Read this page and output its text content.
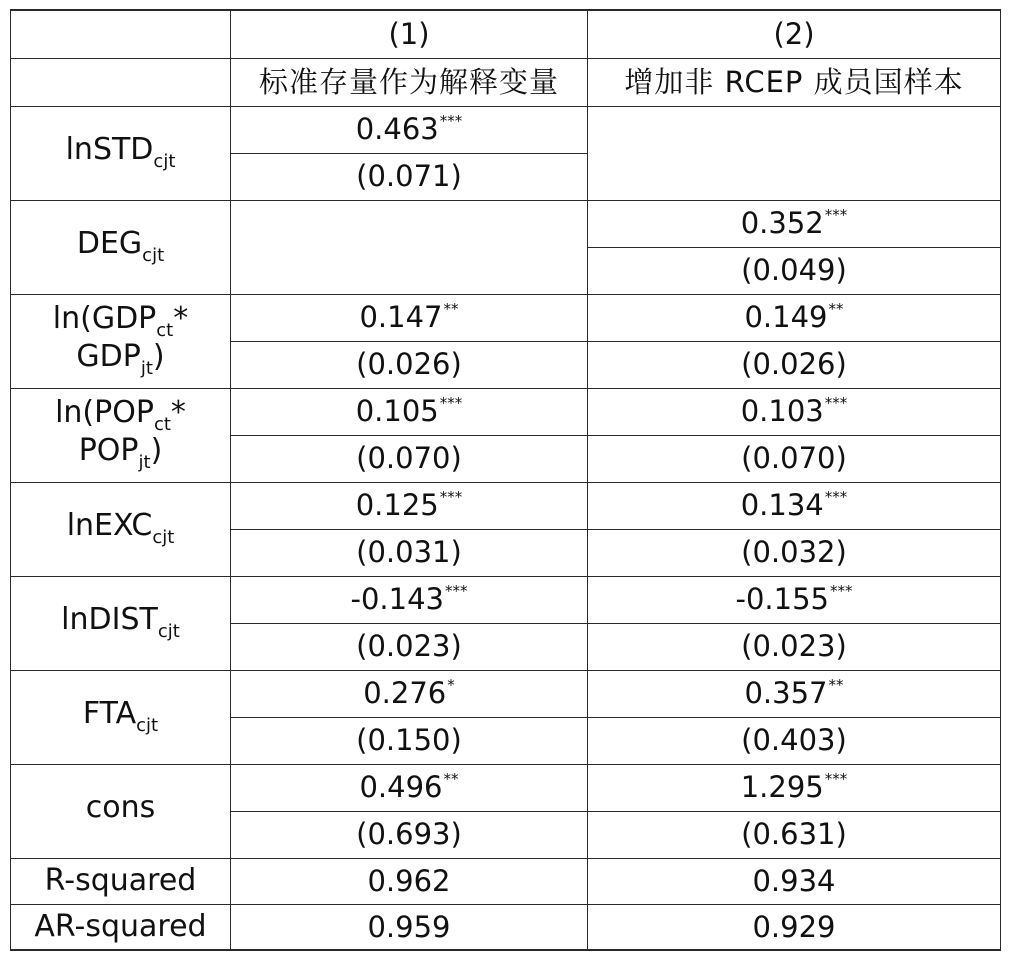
	(1)	(2)
	标准存量作为解释变量	增加非 RCEP 成员国样本
lnSTD$_{cjt}$	0.463***	
	(0.071)	
$DEG_{cjt}$		0.352***
		(0.049)
$\ln(GDP_{ct}*$
$GDP_{jt}$)	0.147**	0.149**
	(0.026)	(0.026)
$\ln(POP_{ct}*$
$POP_{jt}$)	0.105***	0.103***
	(0.070)	(0.070)
lnEXC$_{cjt}$	0.125***	0.134***
	(0.031)	(0.032)
lnDIST$_{cjt}$	-0.143***	-0.155***
	(0.023)	(0.023)
$FTA_{cjt}$	0.276*	0.357**
	(0.150)	(0.403)
cons	0.496**	1.295***
	(0.693)	(0.631)
R-squared	0.962	0.934
AR-squared	0.959	0.929
